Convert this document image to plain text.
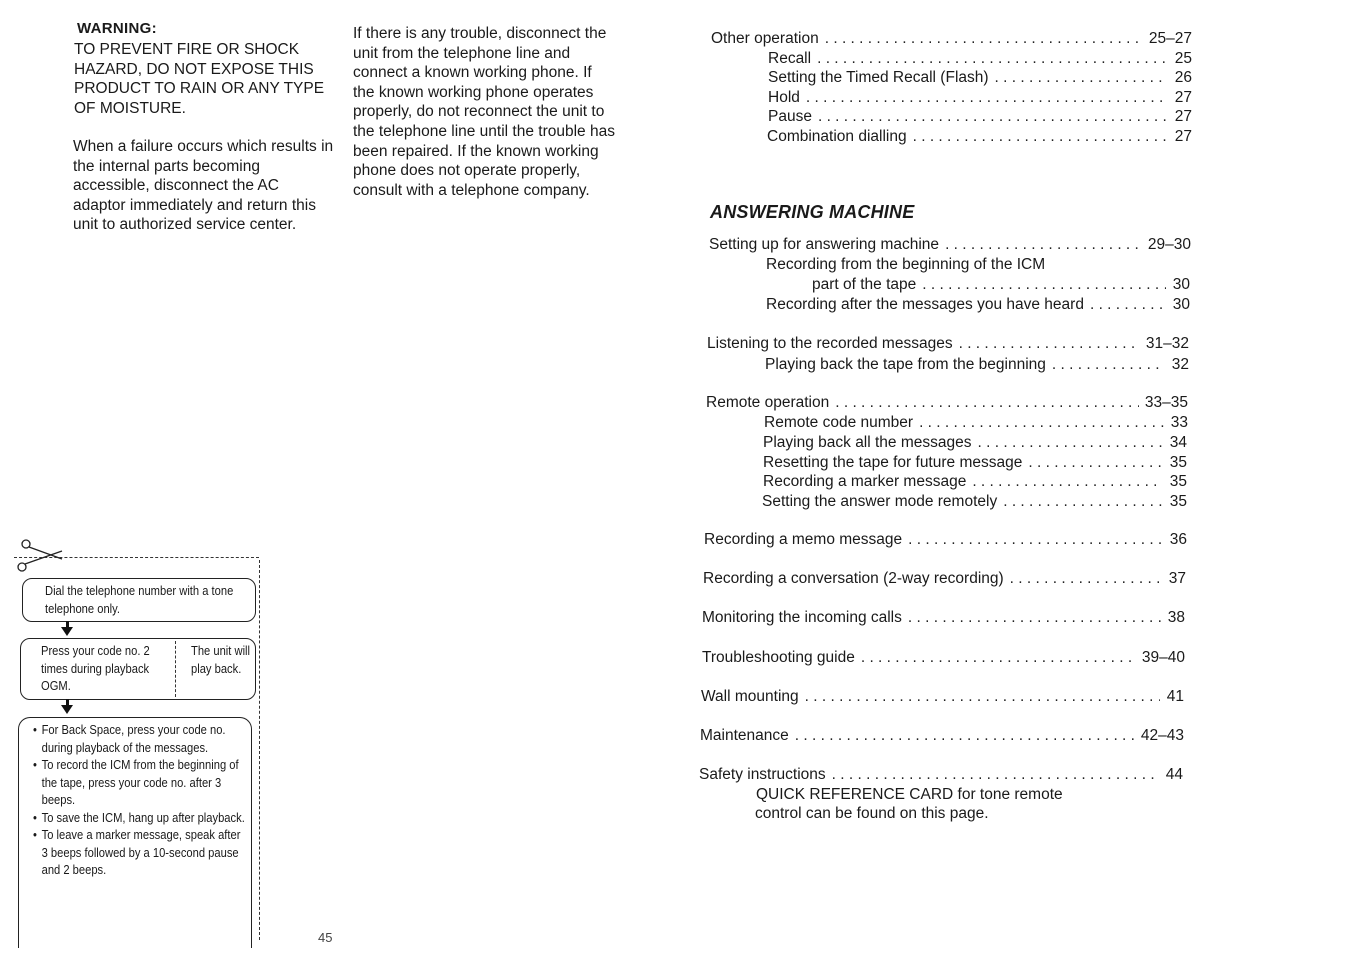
WARNING:
TO PREVENT FIRE OR SHOCK HAZARD, DO NOT EXPOSE THIS PRODUCT TO RAIN OR ANY TYPE OF MOISTURE.
When a failure occurs which results in the internal parts becoming accessible, disconnect the AC adaptor immediately and return this unit to authorized service center.
If there is any trouble, disconnect the unit from the telephone line and connect a known working phone. If the known working phone operates properly, do not reconnect the unit to the telephone line until the trouble has been repaired. If the known working phone does not operate properly, consult with a telephone company.
Dial the telephone number with a tone telephone only.
Press your code no. 2 times during playback OGM.
The unit will play back.
• For Back Space, press your code no. during playback of the messages.
• To record the ICM from the beginning of the tape, press your code no. after 3 beeps.
• To save the ICM, hang up after playback.
• To leave a marker message, speak after 3 beeps followed by a 10-second pause and 2 beeps.
45
Other operation . . .	25–27
Recall . . .	25
Setting the Timed Recall (Flash) . . .	26
Hold . . .	27
Pause . . .	27
Combination dialling . . .	27
ANSWERING MACHINE
Setting up for answering machine . . .	29–30
Recording from the beginning of the ICM
part of the tape . . .	30
Recording after the messages you have heard . . .	30
Listening to the recorded messages . . .	31–32
Playing back the tape from the beginning . . .	32
Remote operation . . .	33–35
Remote code number . . .	33
Playing back all the messages . . .	34
Resetting the tape for future message . . .	35
Recording a marker message . . .	35
Setting the answer mode remotely . . .	35
Recording a memo message . . .	36
Recording a conversation (2-way recording) . . .	37
Monitoring the incoming calls . . .	38
Troubleshooting guide . . .	39–40
Wall mounting . . .	41
Maintenance . . .	42–43
Safety instructions . . .	44
QUICK REFERENCE CARD for tone remote
control can be found on this page.
